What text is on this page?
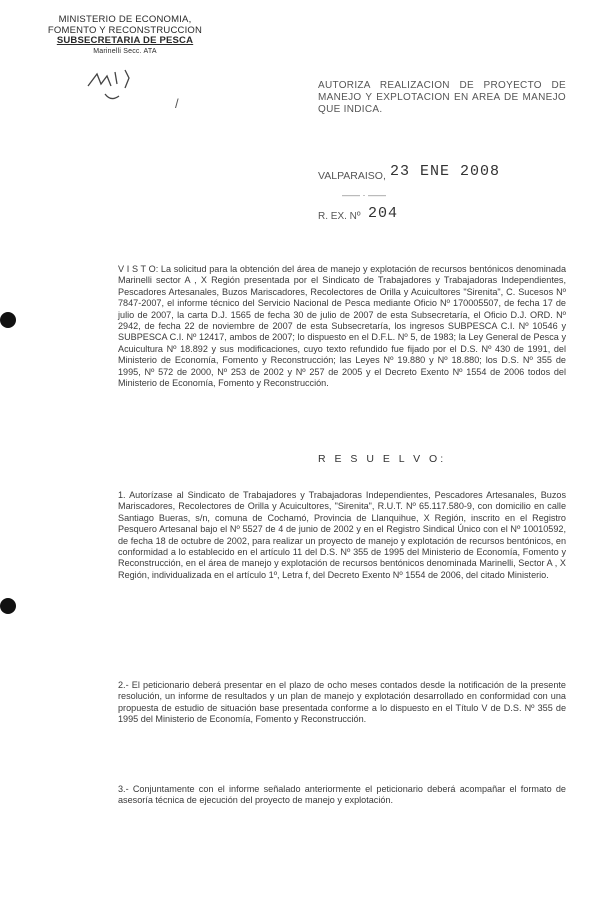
MINISTERIO DE ECONOMIA,
FOMENTO Y RECONSTRUCCION
SUBSECRETARIA DE PESCA
Marinelli Secc. ATA
/
AUTORIZA REALIZACION DE PROYECTO DE MANEJO Y EXPLOTACION EN AREA DE MANEJO QUE INDICA.
VALPARAISO, 23 ENE 2008
—— · ——
R. EX. Nº 204
V I S T O: La solicitud para la obtención del área de manejo y explotación de recursos bentónicos denominada Marinelli sector A , X Región presentada por el Sindicato de Trabajadores y Trabajadoras Independientes, Pescadores Artesanales, Buzos Mariscadores, Recolectores de Orilla y Acuicultores "Sirenita", C. Sucesos Nº 7847-2007, el informe técnico del Servicio Nacional de Pesca mediante Oficio Nº 170005507, de fecha 17 de julio de 2007, la carta D.J. 1565 de fecha 30 de julio de 2007 de esta Subsecretaría, el Oficio D.J. ORD. Nº 2942, de fecha 22 de noviembre de 2007 de esta Subsecretaría, los ingresos SUBPESCA C.I. Nº 10546 y SUBPESCA C.I. Nº 12417, ambos de 2007; lo dispuesto en el D.F.L. Nº 5, de 1983; la Ley General de Pesca y Acuicultura Nº 18.892 y sus modificaciones, cuyo texto refundido fue fijado por el D.S. Nº 430 de 1991, del Ministerio de Economía, Fomento y Reconstrucción; las Leyes Nº 19.880 y Nº 18.880; los D.S. Nº 355 de 1995, Nº 572 de 2000, Nº 253 de 2002 y Nº 257 de 2005 y el Decreto Exento Nº 1554 de 2006 todos del Ministerio de Economía, Fomento y Reconstrucción.
R E S U E L V O:
1. Autorízase al Sindicato de Trabajadores y Trabajadoras Independientes, Pescadores Artesanales, Buzos Mariscadores, Recolectores de Orilla y Acuicultores, "Sirenita", R.U.T. Nº 65.117.580-9, con domicilio en calle Santiago Bueras, s/n, comuna de Cochamó, Provincia de Llanquihue, X Región, inscrito en el Registro Pesquero Artesanal bajo el Nº 5527 de 4 de junio de 2002 y en el Registro Sindical Único con el Nº 10010592, de fecha 18 de octubre de 2002, para realizar un proyecto de manejo y explotación de recursos bentónicos, en conformidad a lo establecido en el artículo 11 del D.S. Nº 355 de 1995 del Ministerio de Economía, Fomento y Reconstrucción, en el área de manejo y explotación de recursos bentónicos denominada Marinelli, Sector A , X Región, individualizada en el artículo 1º, Letra f, del Decreto Exento Nº 1554 de 2006, del citado Ministerio.
2.- El peticionario deberá presentar en el plazo de ocho meses contados desde la notificación de la presente resolución, un informe de resultados y un plan de manejo y explotación desarrollado en conformidad con una propuesta de estudio de situación base presentada conforme a lo dispuesto en el Título V de D.S. Nº 355 de 1995 del Ministerio de Economía, Fomento y Reconstrucción.
3.- Conjuntamente con el informe señalado anteriormente el peticionario deberá acompañar el formato de asesoría técnica de ejecución del proyecto de manejo y explotación.
